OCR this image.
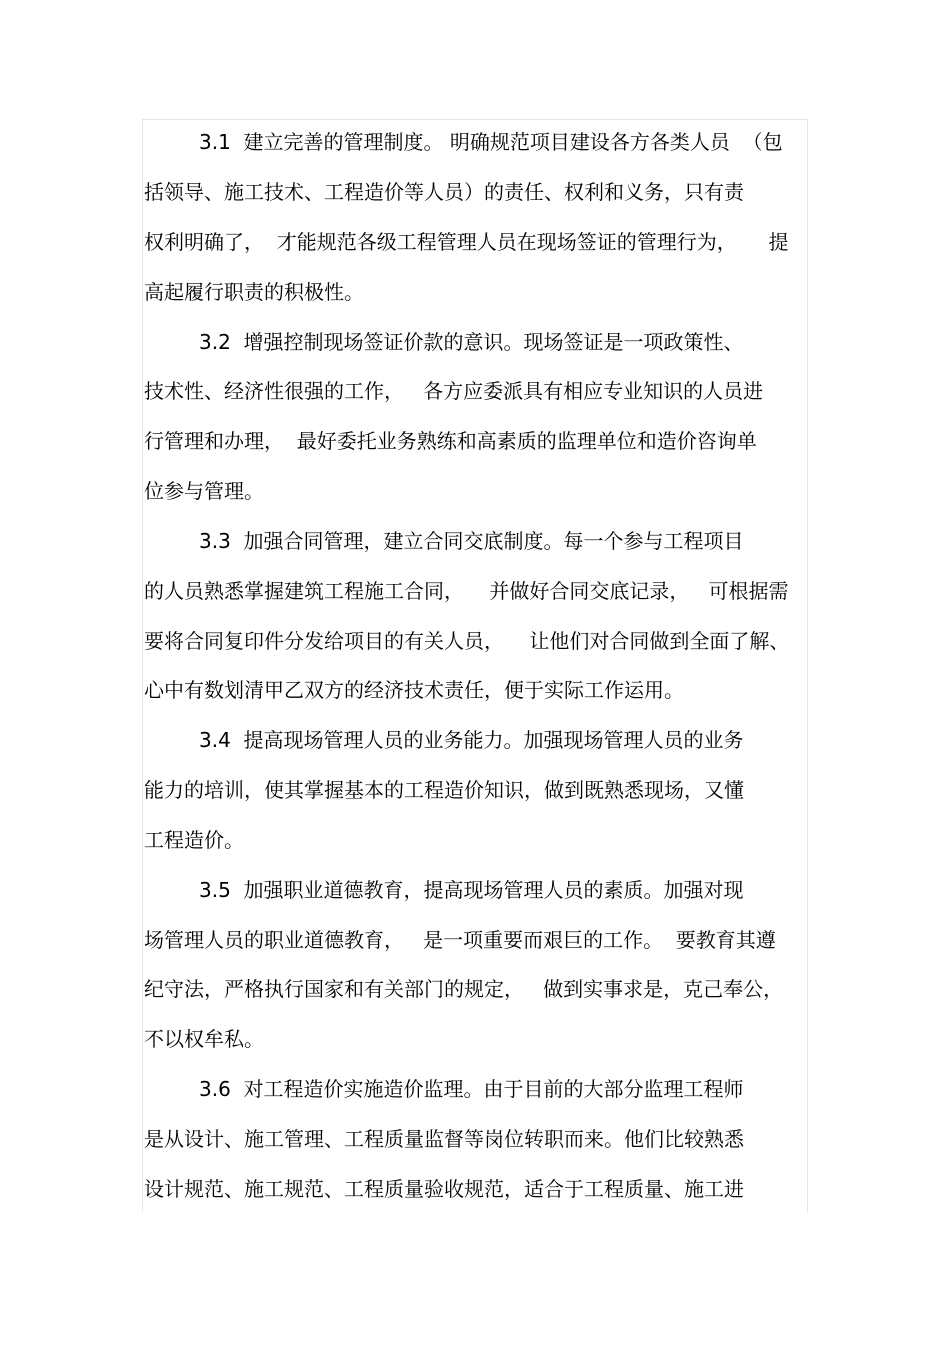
3.1  建立完善的管理制度。 明确规范项目建设各方各类人员  （包
括领导、施工技术、工程造价等人员）的责任、权利和义务，只有责
权利明确了，  才能规范各级工程管理人员在现场签证的管理行为，     提
高起履行职责的积极性。
3.2  增强控制现场签证价款的意识。现场签证是一项政策性、
技术性、经济性很强的工作，   各方应委派具有相应专业知识的人员进
行管理和办理，  最好委托业务熟练和高素质的监理单位和造价咨询单
位参与管理。
3.3  加强合同管理，建立合同交底制度。每一个参与工程项目
的人员熟悉掌握建筑工程施工合同，    并做好合同交底记录，   可根据需
要将合同复印件分发给项目的有关人员，    让他们对合同做到全面了解、
心中有数划清甲乙双方的经济技术责任，便于实际工作运用。
3.4  提高现场管理人员的业务能力。加强现场管理人员的业务
能力的培训，使其掌握基本的工程造价知识，做到既熟悉现场，又懂
工程造价。
3.5  加强职业道德教育，提高现场管理人员的素质。加强对现
场管理人员的职业道德教育，   是一项重要而艰巨的工作。  要教育其遵
纪守法，严格执行国家和有关部门的规定，   做到实事求是，克己奉公，
不以权牟私。
3.6  对工程造价实施造价监理。由于目前的大部分监理工程师
是从设计、施工管理、工程质量监督等岗位转职而来。他们比较熟悉
设计规范、施工规范、工程质量验收规范，适合于工程质量、施工进
